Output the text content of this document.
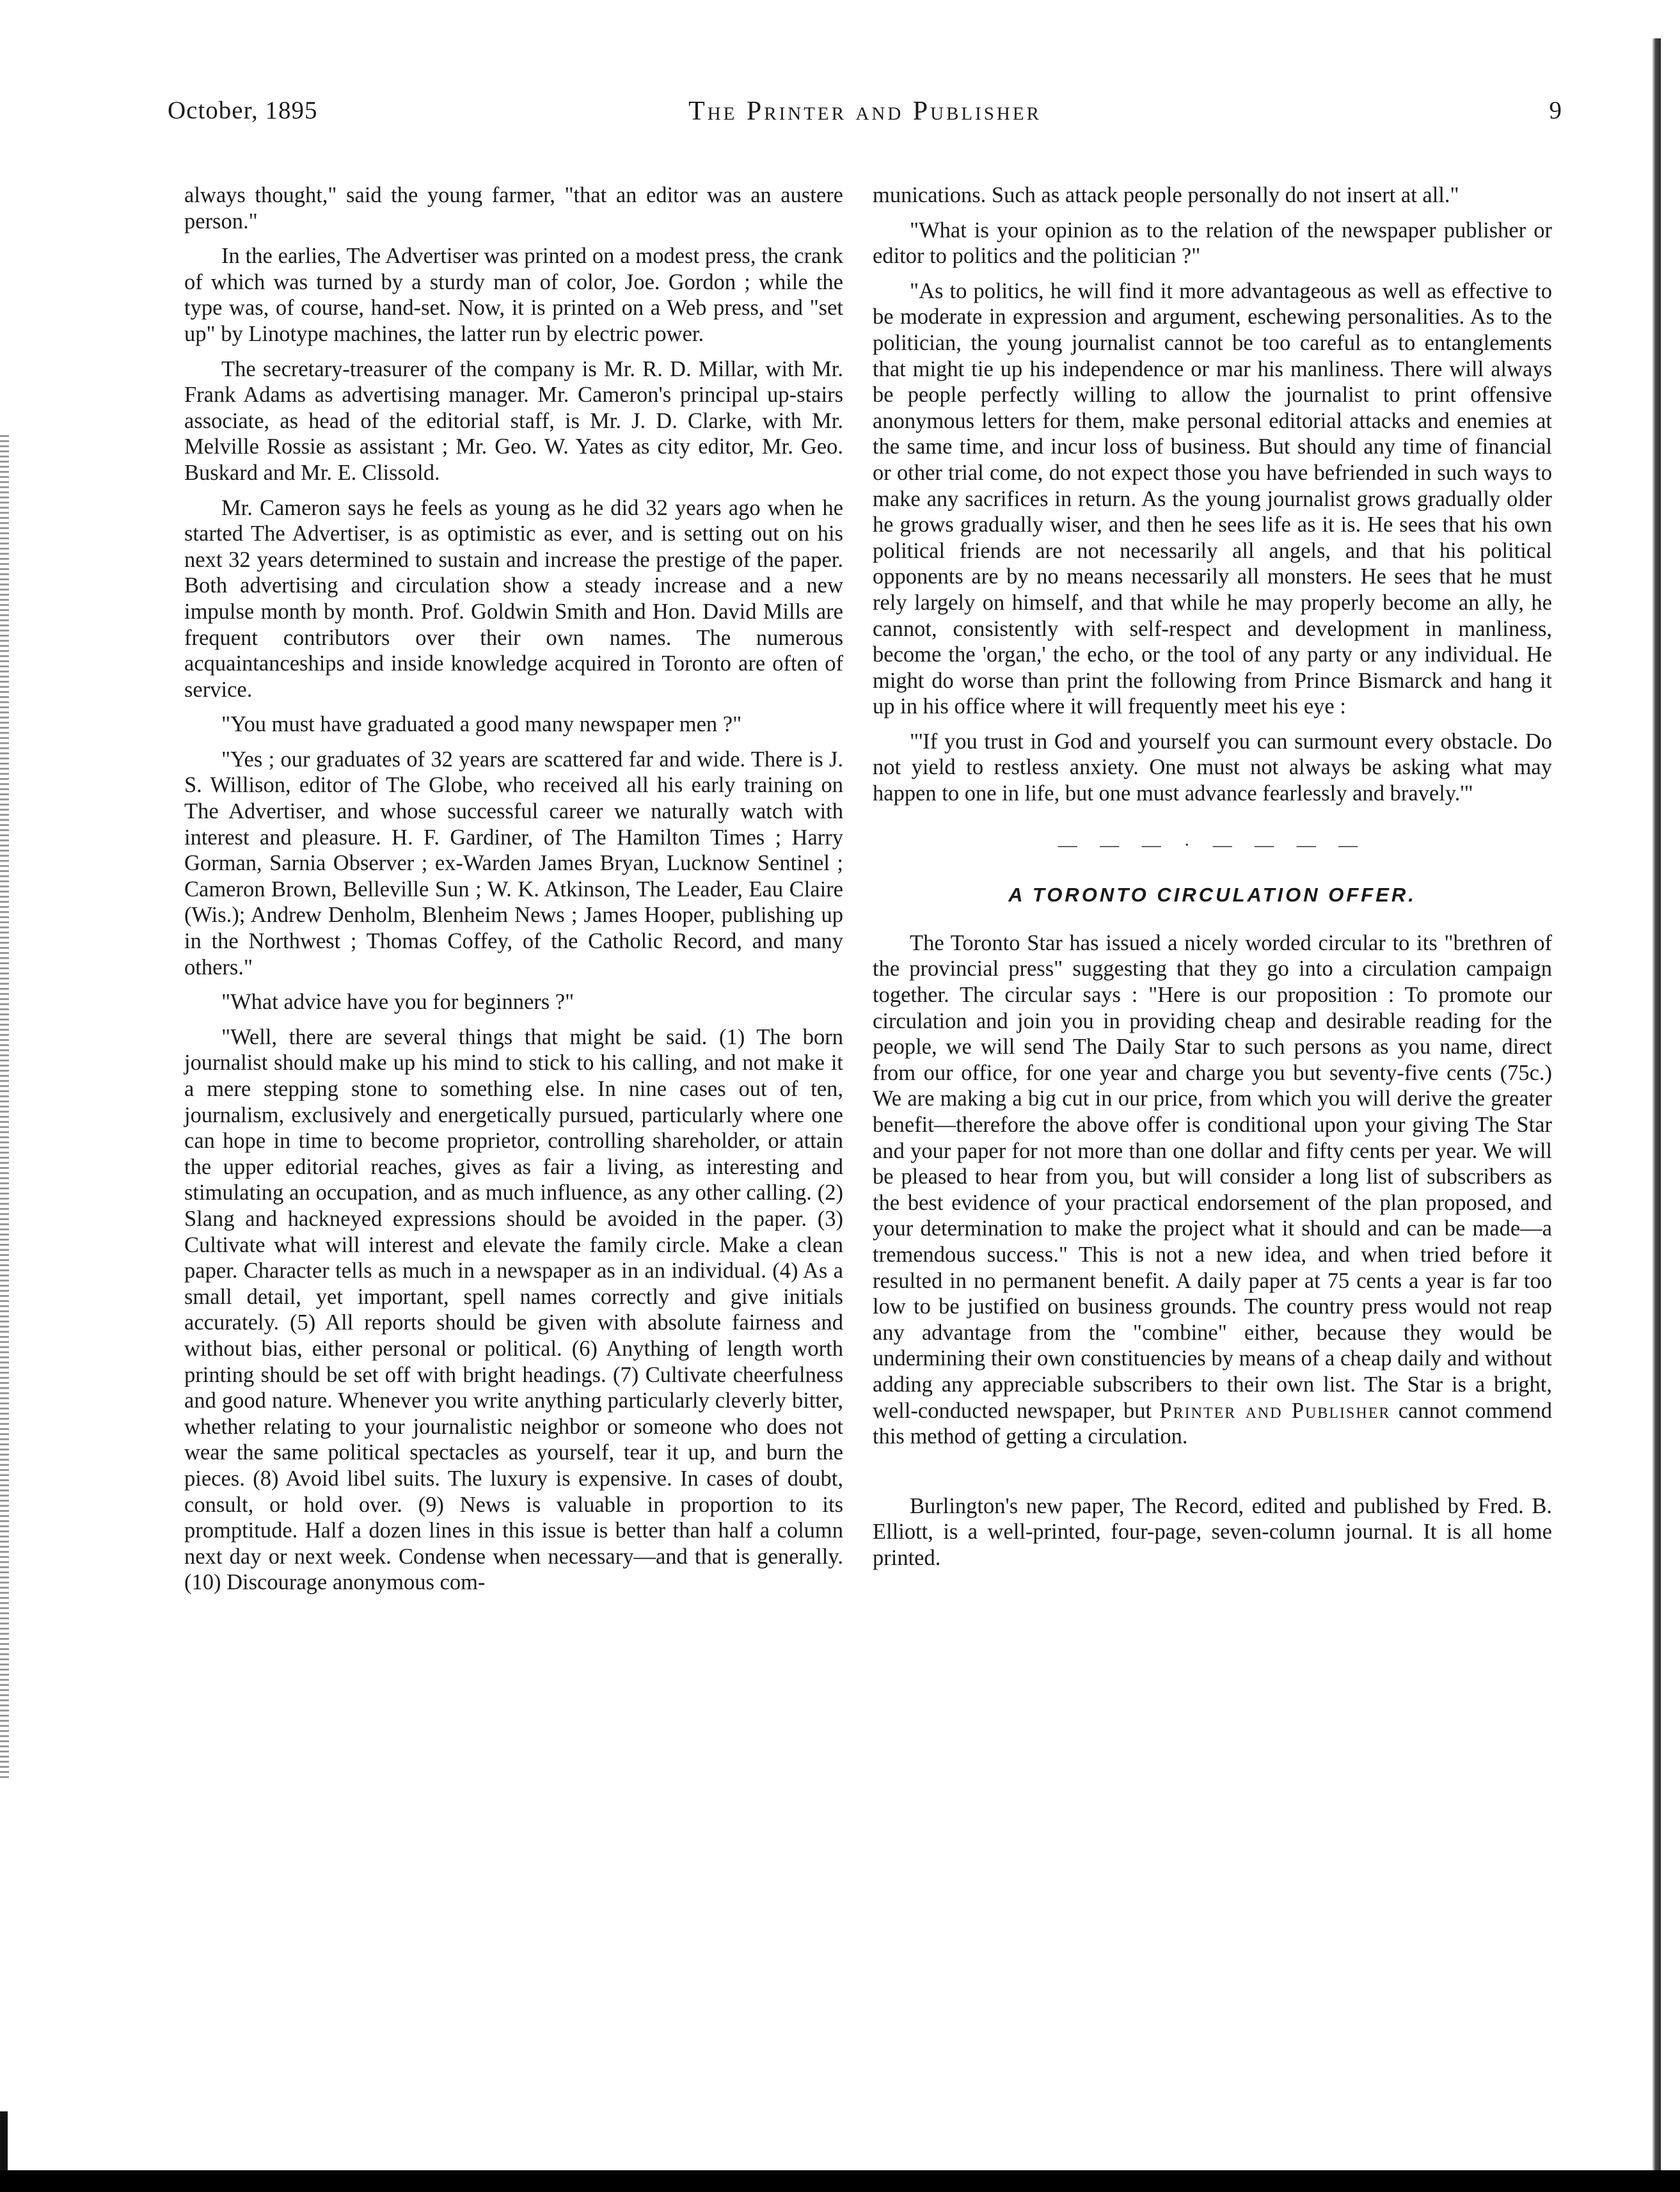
October, 1895	The Printer and Publisher	9

always thought," said the young farmer, "that an editor was an austere person."

In the earlies, The Advertiser was printed on a modest press, the crank of which was turned by a sturdy man of color, Joe. Gordon ; while the type was, of course, hand-set. Now, it is printed on a Web press, and "set up" by Linotype machines, the latter run by electric power.

The secretary-treasurer of the company is Mr. R. D. Millar, with Mr. Frank Adams as advertising manager. Mr. Cameron's principal up-stairs associate, as head of the editorial staff, is Mr. J. D. Clarke, with Mr. Melville Rossie as assistant ; Mr. Geo. W. Yates as city editor, Mr. Geo. Buskard and Mr. E. Clissold.

Mr. Cameron says he feels as young as he did 32 years ago when he started The Advertiser, is as optimistic as ever, and is setting out on his next 32 years determined to sustain and increase the prestige of the paper. Both advertising and circulation show a steady increase and a new impulse month by month. Prof. Goldwin Smith and Hon. David Mills are frequent contributors over their own names. The numerous acquaintanceships and inside knowledge acquired in Toronto are often of service.

"You must have graduated a good many newspaper men ?"

"Yes ; our graduates of 32 years are scattered far and wide. There is J. S. Willison, editor of The Globe, who received all his early training on The Advertiser, and whose successful career we naturally watch with interest and pleasure. H. F. Gardiner, of The Hamilton Times ; Harry Gorman, Sarnia Observer ; ex-Warden James Bryan, Lucknow Sentinel ; Cameron Brown, Belleville Sun ; W. K. Atkinson, The Leader, Eau Claire (Wis.); Andrew Denholm, Blenheim News ; James Hooper, publishing up in the Northwest ; Thomas Coffey, of the Catholic Record, and many others."

"What advice have you for beginners ?"

"Well, there are several things that might be said. (1) The born journalist should make up his mind to stick to his calling, and not make it a mere stepping stone to something else. In nine cases out of ten, journalism, exclusively and energetically pursued, particularly where one can hope in time to become proprietor, controlling shareholder, or attain the upper editorial reaches, gives as fair a living, as interesting and stimulating an occupation, and as much influence, as any other calling. (2) Slang and hackneyed expressions should be avoided in the paper. (3) Cultivate what will interest and elevate the family circle. Make a clean paper. Character tells as much in a newspaper as in an individual. (4) As a small detail, yet important, spell names correctly and give initials accurately. (5) All reports should be given with absolute fairness and without bias, either personal or political. (6) Anything of length worth printing should be set off with bright headings. (7) Cultivate cheerfulness and good nature. Whenever you write anything particularly cleverly bitter, whether relating to your journalistic neighbor or someone who does not wear the same political spectacles as yourself, tear it up, and burn the pieces. (8) Avoid libel suits. The luxury is expensive. In cases of doubt, consult, or hold over. (9) News is valuable in proportion to its promptitude. Half a dozen lines in this issue is better than half a column next day or next week. Condense when necessary—and that is generally. (10) Discourage anonymous com-

munications. Such as attack people personally do not insert at all."

"What is your opinion as to the relation of the newspaper publisher or editor to politics and the politician ?"

"As to politics, he will find it more advantageous as well as effective to be moderate in expression and argument, eschewing personalities. As to the politician, the young journalist cannot be too careful as to entanglements that might tie up his independence or mar his manliness. There will always be people perfectly willing to allow the journalist to print offensive anonymous letters for them, make personal editorial attacks and enemies at the same time, and incur loss of business. But should any time of financial or other trial come, do not expect those you have befriended in such ways to make any sacrifices in return. As the young journalist grows gradually older he grows gradually wiser, and then he sees life as it is. He sees that his own political friends are not necessarily all angels, and that his political opponents are by no means necessarily all monsters. He sees that he must rely largely on himself, and that while he may properly become an ally, he cannot, consistently with self-respect and development in manliness, become the 'organ,' the echo, or the tool of any party or any individual. He might do worse than print the following from Prince Bismarck and hang it up in his office where it will frequently meet his eye :

"'If you trust in God and yourself you can surmount every obstacle. Do not yield to restless anxiety. One must not always be asking what may happen to one in life, but one must advance fearlessly and bravely.'"

— — — · — — — —
A TORONTO CIRCULATION OFFER.

The Toronto Star has issued a nicely worded circular to its "brethren of the provincial press" suggesting that they go into a circulation campaign together. The circular says : "Here is our proposition : To promote our circulation and join you in providing cheap and desirable reading for the people, we will send The Daily Star to such persons as you name, direct from our office, for one year and charge you but seventy-five cents (75c.) We are making a big cut in our price, from which you will derive the greater benefit—therefore the above offer is conditional upon your giving The Star and your paper for not more than one dollar and fifty cents per year. We will be pleased to hear from you, but will consider a long list of subscribers as the best evidence of your practical endorsement of the plan proposed, and your determination to make the project what it should and can be made—a tremendous success." This is not a new idea, and when tried before it resulted in no permanent benefit. A daily paper at 75 cents a year is far too low to be justified on business grounds. The country press would not reap any advantage from the "combine" either, because they would be undermining their own constituencies by means of a cheap daily and without adding any appreciable subscribers to their own list. The Star is a bright, well-conducted newspaper, but Printer and Publisher cannot commend this method of getting a circulation.

Burlington's new paper, The Record, edited and published by Fred. B. Elliott, is a well-printed, four-page, seven-column journal. It is all home printed.
